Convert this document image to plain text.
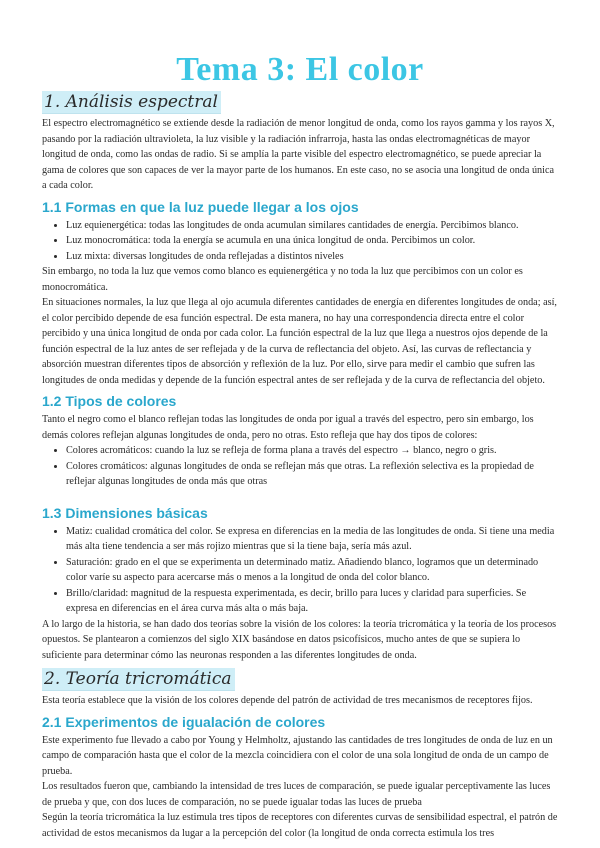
Tema 3: El color
1. Análisis espectral

El espectro electromagnético se extiende desde la radiación de menor longitud de onda, como los rayos gamma y los rayos X, pasando por la radiación ultravioleta, la luz visible y la radiación infrarroja, hasta las ondas electromagnéticas de mayor longitud de onda, como las ondas de radio. Si se amplía la parte visible del espectro electromagnético, se puede apreciar la gama de colores que son capaces de ver la mayor parte de los humanos. En este caso, no se asocia una longitud de onda única a cada color.

1.1 Formas en que la luz puede llegar a los ojos
• Luz equienergética: todas las longitudes de onda acumulan similares cantidades de energía. Percibimos blanco.
• Luz monocromática: toda la energía se acumula en una única longitud de onda. Percibimos un color.
• Luz mixta: diversas longitudes de onda reflejadas a distintos niveles

Sin embargo, no toda la luz que vemos como blanco es equienergética y no toda la luz que percibimos con un color es monocromática.

En situaciones normales, la luz que llega al ojo acumula diferentes cantidades de energía en diferentes longitudes de onda; así, el color percibido depende de esa función espectral. De esta manera, no hay una correspondencia directa entre el color percibido y una única longitud de onda por cada color. La función espectral de la luz que llega a nuestros ojos depende de la función espectral de la luz antes de ser reflejada y de la curva de reflectancia del objeto. Así, las curvas de reflectancia y absorción muestran diferentes tipos de absorción y reflexión de la luz. Por ello, sirve para medir el cambio que sufren las longitudes de onda medidas y depende de la función espectral antes de ser reflejada y de la curva de reflectancia del objeto.

1.2 Tipos de colores

Tanto el negro como el blanco reflejan todas las longitudes de onda por igual a través del espectro, pero sin embargo, los demás colores reflejan algunas longitudes de onda, pero no otras. Esto refleja que hay dos tipos de colores:

• Colores acromáticos: cuando la luz se refleja de forma plana a través del espectro → blanco, negro o gris.
• Colores cromáticos: algunas longitudes de onda se reflejan más que otras. La reflexión selectiva es la propiedad de reflejar algunas longitudes de onda más que otras
1.3 Dimensiones básicas
• Matiz: cualidad cromática del color. Se expresa en diferencias en la media de las longitudes de onda. Si tiene una media más alta tiene tendencia a ser más rojizo mientras que si la tiene baja, sería más azul.
• Saturación: grado en el que se experimenta un determinado matiz. Añadiendo blanco, logramos que un determinado color varíe su aspecto para acercarse más o menos a la longitud de onda del color blanco.
• Brillo/claridad: magnitud de la respuesta experimentada, es decir, brillo para luces y claridad para superficies. Se expresa en diferencias en el área curva más alta o más baja.

A lo largo de la historia, se han dado dos teorías sobre la visión de los colores: la teoría tricromática y la teoría de los procesos opuestos. Se plantearon a comienzos del siglo XIX basándose en datos psicofísicos, mucho antes de que se supiera lo suficiente para determinar cómo las neuronas responden a las diferentes longitudes de onda.

2. Teoría tricromática

Esta teoría establece que la visión de los colores depende del patrón de actividad de tres mecanismos de receptores fijos.

2.1 Experimentos de igualación de colores

Este experimento fue llevado a cabo por Young y Helmholtz, ajustando las cantidades de tres longitudes de onda de luz en un campo de comparación hasta que el color de la mezcla coincidiera con el color de una sola longitud de onda de un campo de prueba.

Los resultados fueron que, cambiando la intensidad de tres luces de comparación, se puede igualar perceptivamente las luces de prueba y que, con dos luces de comparación, no se puede igualar todas las luces de prueba

Según la teoría tricromática la luz estimula tres tipos de receptores con diferentes curvas de sensibilidad espectral, el patrón de actividad de estos mecanismos da lugar a la percepción del color (la longitud de onda correcta estimula los tres
